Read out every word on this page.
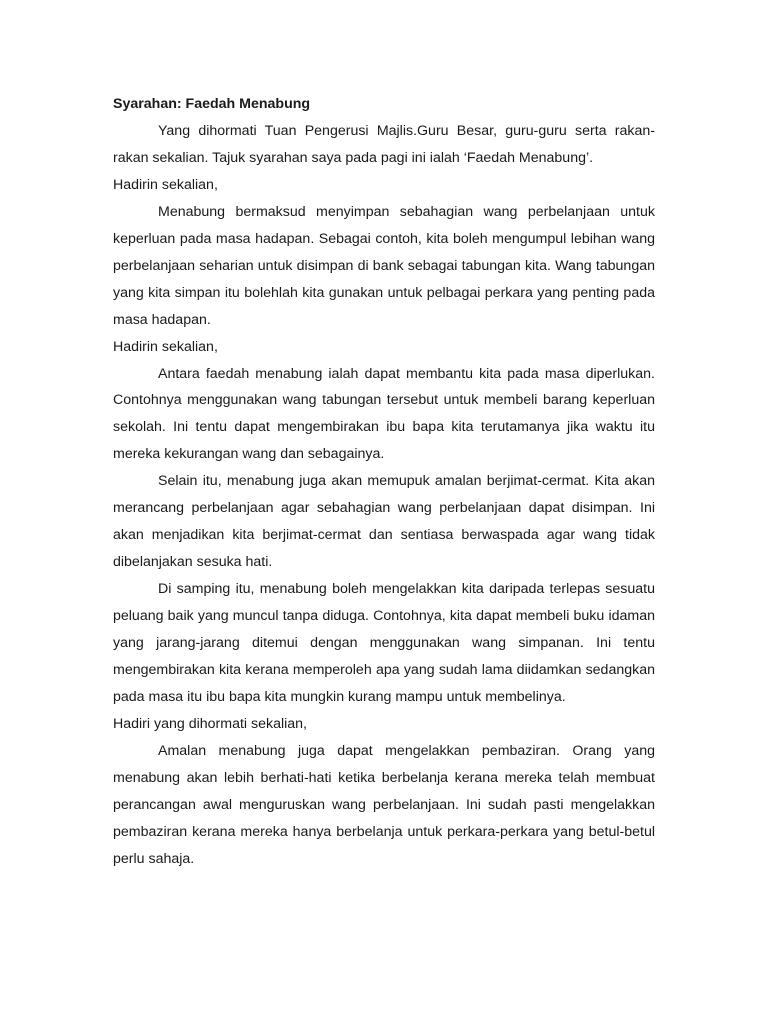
Syarahan: Faedah Menabung

Yang dihormati Tuan Pengerusi Majlis.Guru Besar, guru-guru serta rakan-rakan sekalian. Tajuk syarahan saya pada pagi ini ialah ‘Faedah Menabung’.

Hadirin sekalian,

Menabung bermaksud menyimpan sebahagian wang perbelanjaan untuk keperluan pada masa hadapan. Sebagai contoh, kita boleh mengumpul lebihan wang perbelanjaan seharian untuk disimpan di bank sebagai tabungan kita. Wang tabungan yang kita simpan itu bolehlah kita gunakan untuk pelbagai perkara yang penting pada masa hadapan.

Hadirin sekalian,

Antara faedah menabung ialah dapat membantu kita pada masa diperlukan. Contohnya menggunakan wang tabungan tersebut untuk membeli barang keperluan sekolah. Ini tentu dapat mengembirakan ibu bapa kita terutamanya jika waktu itu mereka kekurangan wang dan sebagainya.

Selain itu, menabung juga akan memupuk amalan berjimat-cermat. Kita akan merancang perbelanjaan agar sebahagian wang perbelanjaan dapat disimpan. Ini akan menjadikan kita berjimat-cermat dan sentiasa berwaspada agar wang tidak dibelanjakan sesuka hati.

Di samping itu, menabung boleh mengelakkan kita daripada terlepas sesuatu peluang baik yang muncul tanpa diduga. Contohnya, kita dapat membeli buku idaman yang jarang-jarang ditemui dengan menggunakan wang simpanan. Ini tentu mengembirakan kita kerana memperoleh apa yang sudah lama diidamkan sedangkan pada masa itu ibu bapa kita mungkin kurang mampu untuk membelinya.

Hadiri yang dihormati sekalian,

Amalan menabung juga dapat mengelakkan pembaziran. Orang yang menabung akan lebih berhati-hati ketika berbelanja kerana mereka telah membuat perancangan awal menguruskan wang perbelanjaan. Ini sudah pasti mengelakkan pembaziran kerana mereka hanya berbelanja untuk perkara-perkara yang betul-betul perlu sahaja.
